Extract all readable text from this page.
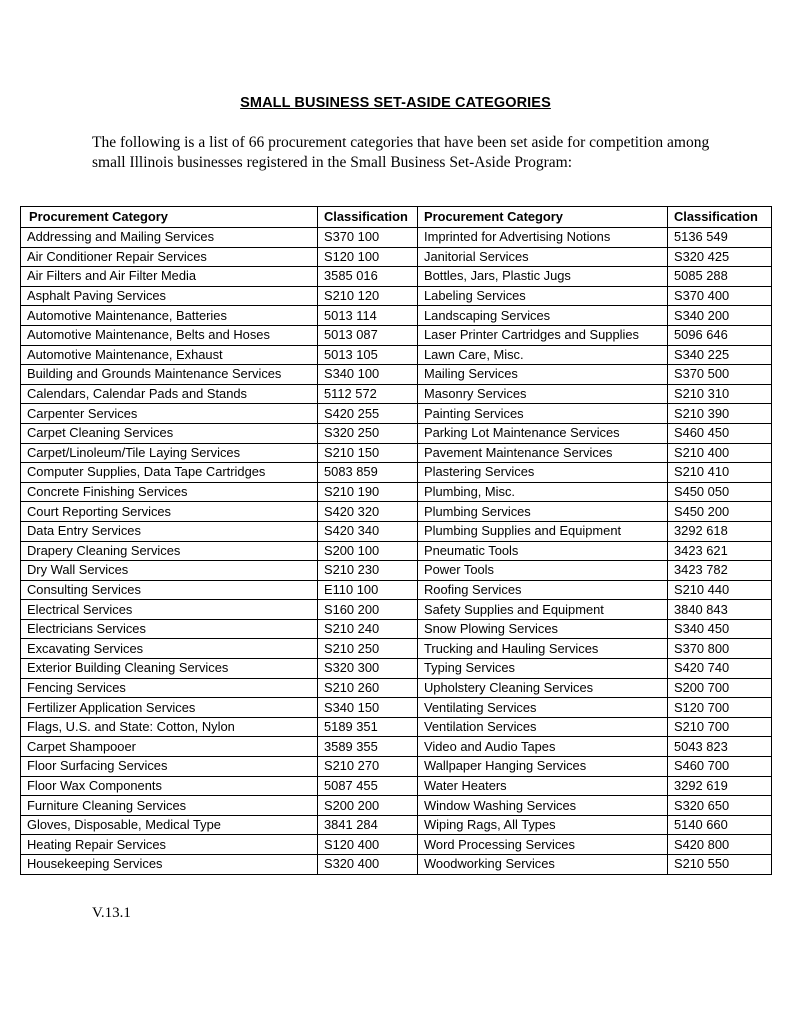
SMALL BUSINESS SET-ASIDE CATEGORIES

The following is a list of 66 procurement categories that have been set aside for competition among small Illinois businesses registered in the Small Business Set-Aside Program:

Procurement Category	Classification	Procurement Category	Classification
Addressing and Mailing Services	S370 100	Imprinted for Advertising Notions	5136 549
Air Conditioner Repair Services	S120 100	Janitorial Services	S320 425
Air Filters and Air Filter Media	3585 016	Bottles, Jars, Plastic Jugs	5085 288
Asphalt Paving Services	S210 120	Labeling Services	S370 400
Automotive Maintenance, Batteries	5013 114	Landscaping Services	S340 200
Automotive Maintenance, Belts and Hoses	5013 087	Laser Printer Cartridges and Supplies	5096 646
Automotive Maintenance, Exhaust	5013 105	Lawn Care, Misc.	S340 225
Building and Grounds Maintenance Services	S340 100	Mailing Services	S370 500
Calendars, Calendar Pads and Stands	5112 572	Masonry Services	S210 310
Carpenter Services	S420 255	Painting Services	S210 390
Carpet Cleaning Services	S320 250	Parking Lot Maintenance Services	S460 450
Carpet/Linoleum/Tile Laying Services	S210 150	Pavement Maintenance Services	S210 400
Computer Supplies, Data Tape Cartridges	5083 859	Plastering Services	S210 410
Concrete Finishing Services	S210 190	Plumbing, Misc.	S450 050
Court Reporting Services	S420 320	Plumbing Services	S450 200
Data Entry Services	S420 340	Plumbing Supplies and Equipment	3292 618
Drapery Cleaning Services	S200 100	Pneumatic Tools	3423 621
Dry Wall Services	S210 230	Power Tools	3423 782
Consulting Services	E110 100	Roofing Services	S210 440
Electrical Services	S160 200	Safety Supplies and Equipment	3840 843
Electricians Services	S210 240	Snow Plowing Services	S340 450
Excavating Services	S210 250	Trucking and Hauling Services	S370 800
Exterior Building Cleaning Services	S320 300	Typing Services	S420 740
Fencing Services	S210 260	Upholstery Cleaning Services	S200 700
Fertilizer Application Services	S340 150	Ventilating Services	S120 700
Flags, U.S. and State: Cotton, Nylon	5189 351	Ventilation Services	S210 700
Carpet Shampooer	3589 355	Video and Audio Tapes	5043 823
Floor Surfacing Services	S210 270	Wallpaper Hanging Services	S460 700
Floor Wax Components	5087 455	Water Heaters	3292 619
Furniture Cleaning Services	S200 200	Window Washing Services	S320 650
Gloves, Disposable, Medical Type	3841 284	Wiping Rags, All Types	5140 660
Heating Repair Services	S120 400	Word Processing Services	S420 800
Housekeeping Services	S320 400	Woodworking Services	S210 550
V.13.1
